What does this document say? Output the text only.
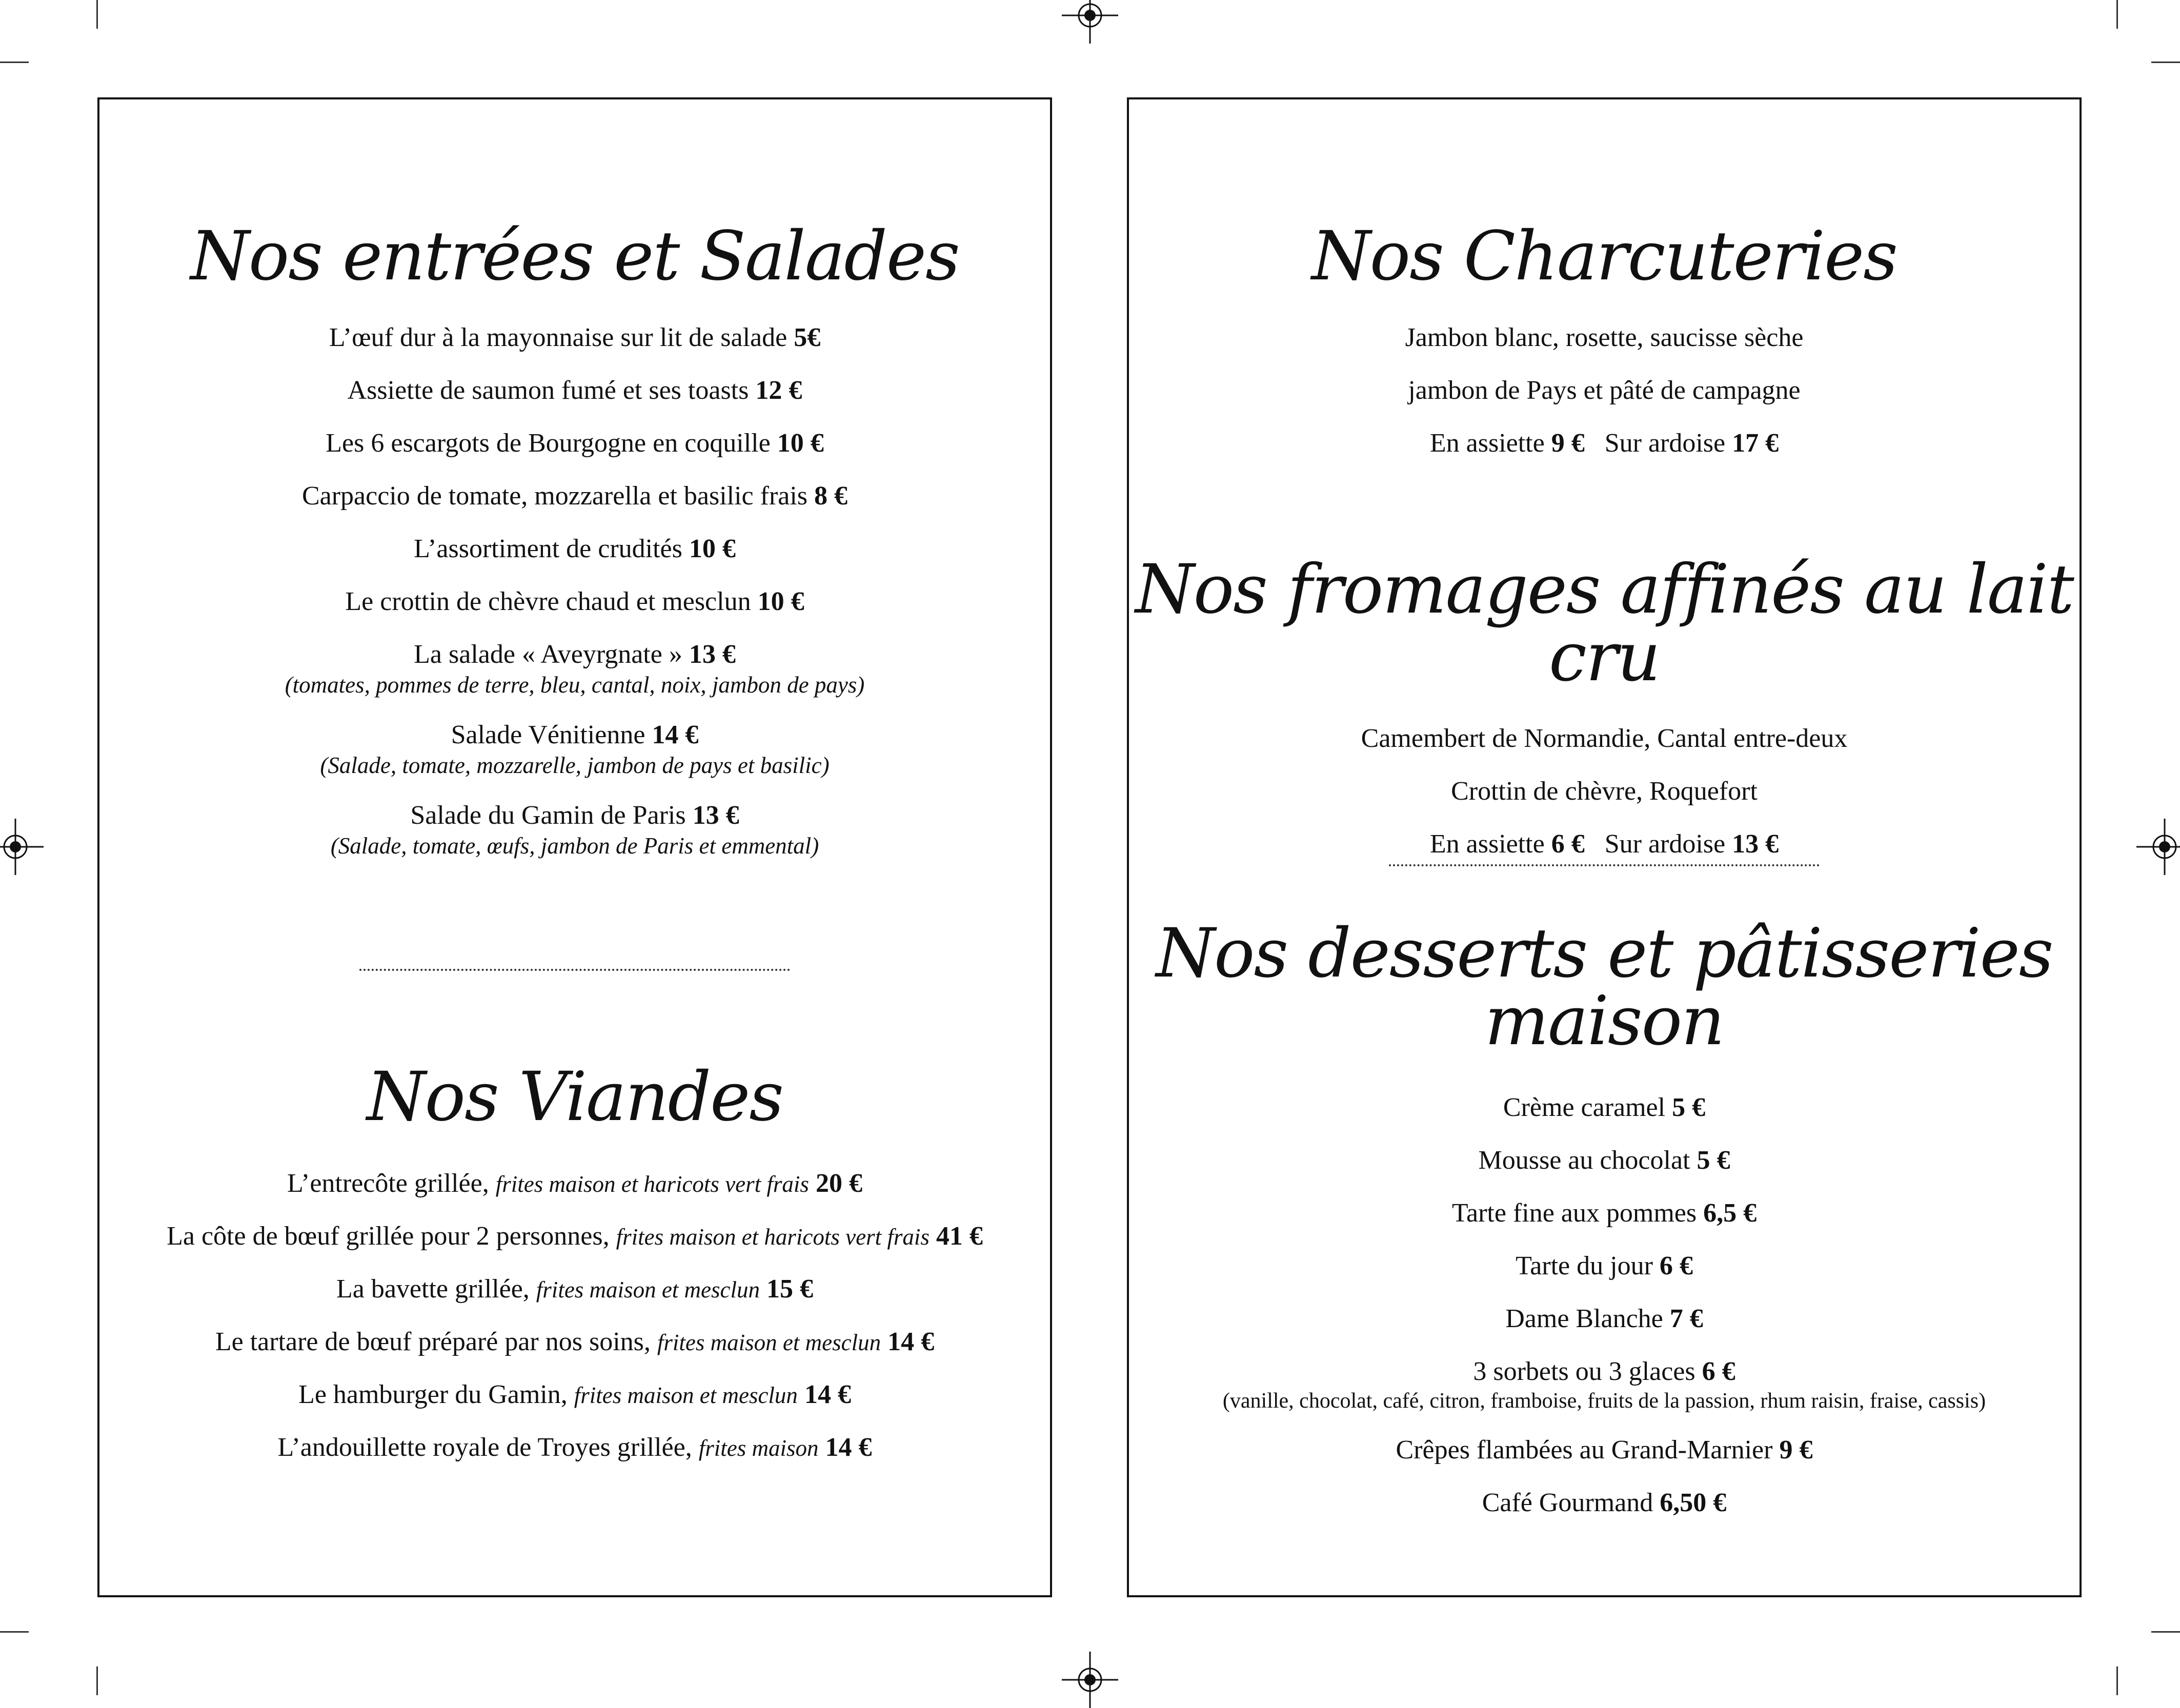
Nos entrées et Salades

L’œuf dur à la mayonnaise sur lit de salade 5€

Assiette de saumon fumé et ses toasts 12 €

Les 6 escargots de Bourgogne en coquille 10 €

Carpaccio de tomate, mozzarella et basilic frais 8 €

L’assortiment de crudités 10 €

Le crottin de chèvre chaud et mesclun 10 €

La salade « Aveyrgnate » 13 €

(tomates, pommes de terre, bleu, cantal, noix, jambon de pays)

Salade Vénitienne 14 €

(Salade, tomate, mozzarelle, jambon de pays et basilic)

Salade du Gamin de Paris 13 €

(Salade, tomate, œufs, jambon de Paris et emmental)

Nos Viandes

L’entrecôte grillée, frites maison et haricots vert frais 20 €

La côte de bœuf grillée pour 2 personnes, frites maison et haricots vert frais 41 €

La bavette grillée, frites maison et mesclun 15 €

Le tartare de bœuf préparé par nos soins, frites maison et mesclun 14 €

Le hamburger du Gamin, frites maison et mesclun 14 €

L’andouillette royale de Troyes grillée, frites maison 14 €

Nos Charcuteries

Jambon blanc, rosette, saucisse sèche

jambon de Pays et pâté de campagne

En assiette 9 € Sur ardoise 17 €

Nos fromages affinés au lait cru

Camembert de Normandie, Cantal entre-deux

Crottin de chèvre, Roquefort

En assiette 6 € Sur ardoise 13 €

Nos desserts et pâtisseries maison

Crème caramel 5 €

Mousse au chocolat 5 €

Tarte fine aux pommes 6,5 €

Tarte du jour 6 €

Dame Blanche 7 €

3 sorbets ou 3 glaces 6 €

(vanille, chocolat, café, citron, framboise, fruits de la passion, rhum raisin, fraise, cassis)

Crêpes flambées au Grand-Marnier 9 €

Café Gourmand 6,50 €
